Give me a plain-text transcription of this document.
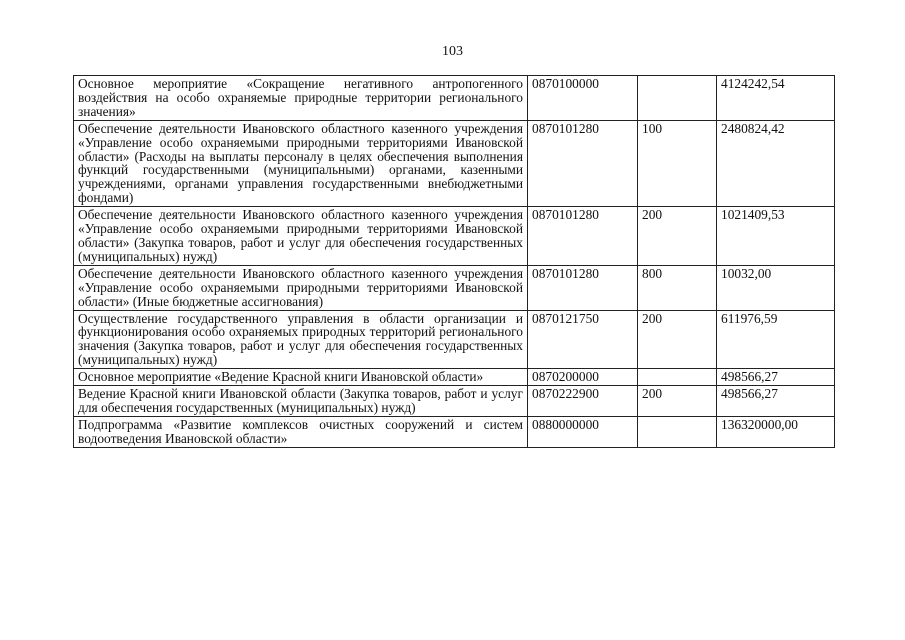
103
Основное мероприятие «Сокращение негативного антропогенного воздействия на особо охраняемые природные территории регионального значения»	0870100000		4124242,54
Обеспечение деятельности Ивановского областного казенного учреждения «Управление особо охраняемыми природными территориями Ивановской области» (Расходы на выплаты персоналу в целях обеспечения выполнения функций государственными (муниципальными) органами, казенными учреждениями, органами управления государственными внебюджетными фондами)	0870101280	100	2480824,42
Обеспечение деятельности Ивановского областного казенного учреждения «Управление особо охраняемыми природными территориями Ивановской области» (Закупка товаров, работ и услуг для обеспечения государственных (муниципальных) нужд)	0870101280	200	1021409,53
Обеспечение деятельности Ивановского областного казенного учреждения «Управление особо охраняемыми природными территориями Ивановской области» (Иные бюджетные ассигнования)	0870101280	800	10032,00
Осуществление государственного управления в области организации и функционирования особо охраняемых природных территорий регионального значения (Закупка товаров, работ и услуг для обеспечения государственных (муниципальных) нужд)	0870121750	200	611976,59
Основное мероприятие «Ведение Красной книги Ивановской области»	0870200000		498566,27
Ведение Красной книги Ивановской области (Закупка товаров, работ и услуг для обеспечения государственных (муниципальных) нужд)	0870222900	200	498566,27
Подпрограмма «Развитие комплексов очистных сооружений и систем водоотведения Ивановской области»	0880000000		136320000,00
